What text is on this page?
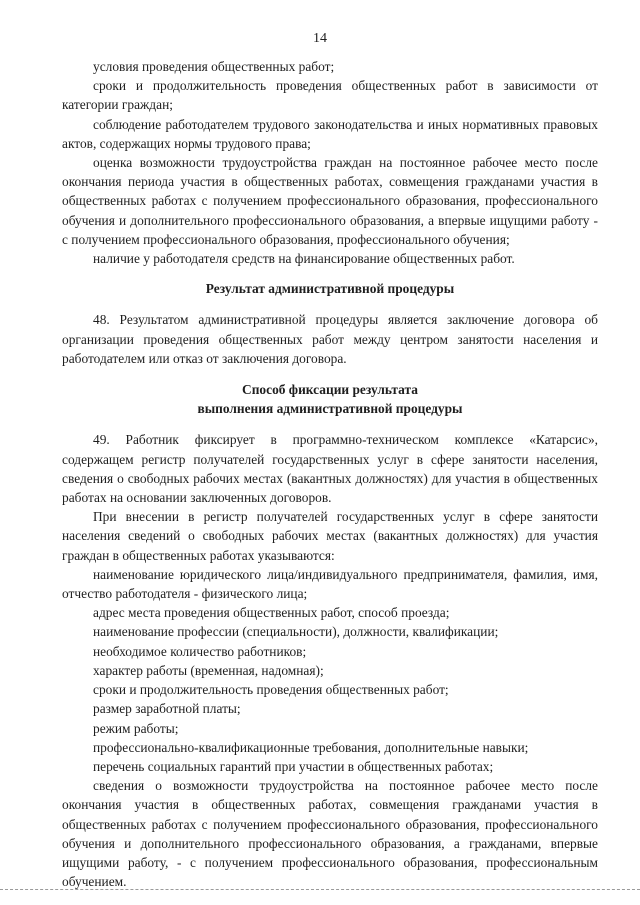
14

условия проведения общественных работ;

сроки и продолжительность проведения общественных работ в зависимости от категории граждан;

соблюдение работодателем трудового законодательства и иных нормативных правовых актов, содержащих нормы трудового права;

оценка возможности трудоустройства граждан на постоянное рабочее место после окончания периода участия в общественных работах, совмещения гражданами участия в общественных работах с получением профессионального образования, профессионального обучения и дополнительного профессионального образования, а впервые ищущими работу - с получением профессионального образования, профессионального обучения;

наличие у работодателя средств на финансирование общественных работ.

Результат административной процедуры

48. Результатом административной процедуры является заключение договора об организации проведения общественных работ между центром занятости населения и работодателем или отказ от заключения договора.

Способ фиксации результата

выполнения административной процедуры

49. Работник фиксирует в программно-техническом комплексе «Катарсис», содержащем регистр получателей государственных услуг в сфере занятости населения, сведения о свободных рабочих местах (вакантных должностях) для участия в общественных работах на основании заключенных договоров.

При внесении в регистр получателей государственных услуг в сфере занятости населения сведений о свободных рабочих местах (вакантных должностях) для участия граждан в общественных работах указываются:

наименование юридического лица/индивидуального предпринимателя, фамилия, имя, отчество работодателя - физического лица;

адрес места проведения общественных работ, способ проезда;

наименование профессии (специальности), должности, квалификации;

необходимое количество работников;

характер работы (временная, надомная);

сроки и продолжительность проведения общественных работ;

размер заработной платы;

режим работы;

профессионально-квалификационные требования, дополнительные навыки;

перечень социальных гарантий при участии в общественных работах;

сведения о возможности трудоустройства на постоянное рабочее место после окончания участия в общественных работах, совмещения гражданами участия в общественных работах с получением профессионального образования, профессионального обучения и дополнительного профессионального образования, а гражданами, впервые ищущими работу, - с получением профессионального образования, профессиональным обучением.
